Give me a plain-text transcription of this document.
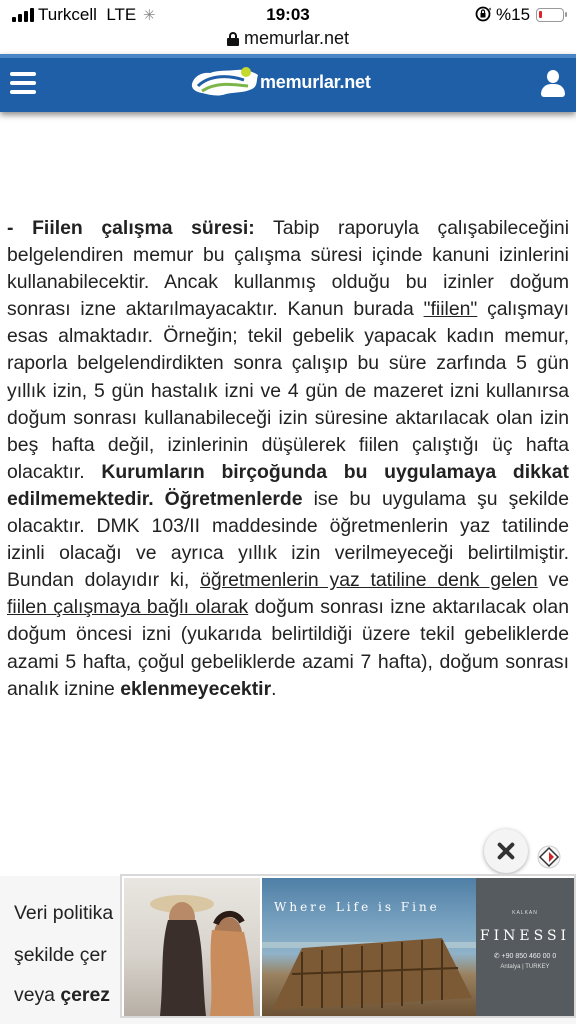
Turkcell LTE ✳	19:03	%15
memurlar.net
memurlar.net
- Fiilen çalışma süresi: Tabip raporuyla çalışabileceğini belgelendiren memur bu çalışma süresi içinde kanuni izinlerini kullanabilecektir. Ancak kullanmış olduğu bu izinler doğum sonrası izne aktarılmayacaktır. Kanun burada "fiilen" çalışmayı esas almaktadır. Örneğin; tekil gebelik yapacak kadın memur, raporla belgelendirdikten sonra çalışıp bu süre zarfında 5 gün yıllık izin, 5 gün hastalık izni ve 4 gün de mazeret izni kullanırsa doğum sonrası kullanabileceği izin süresine aktarılacak olan izin beş hafta değil, izinlerinin düşülerek fiilen çalıştığı üç hafta olacaktır. Kurumların birçoğunda bu uygulamaya dikkat edilmemektedir. Öğretmenlerde ise bu uygulama şu şekilde olacaktır. DMK 103/II maddesinde öğretmenlerin yaz tatilinde izinli olacağı ve ayrıca yıllık izin verilmeyeceği belirtilmiştir. Bundan dolayıdır ki, öğretmenlerin yaz tatiline denk gelen ve fiilen çalışmaya bağlı olarak doğum sonrası izne aktarılacak olan doğum öncesi izni (yukarıda belirtildiği üzere tekil gebeliklerde azami 5 hafta, çoğul gebeliklerde azami 7 hafta), doğum sonrası analık iznine eklenmeyecektir.
Veri politika
şekilde çer
veya çerez
Where Life is Fine	KALKAN
FINESSI
✆ +90 850 460 00 0
Antalya | TURKEY
